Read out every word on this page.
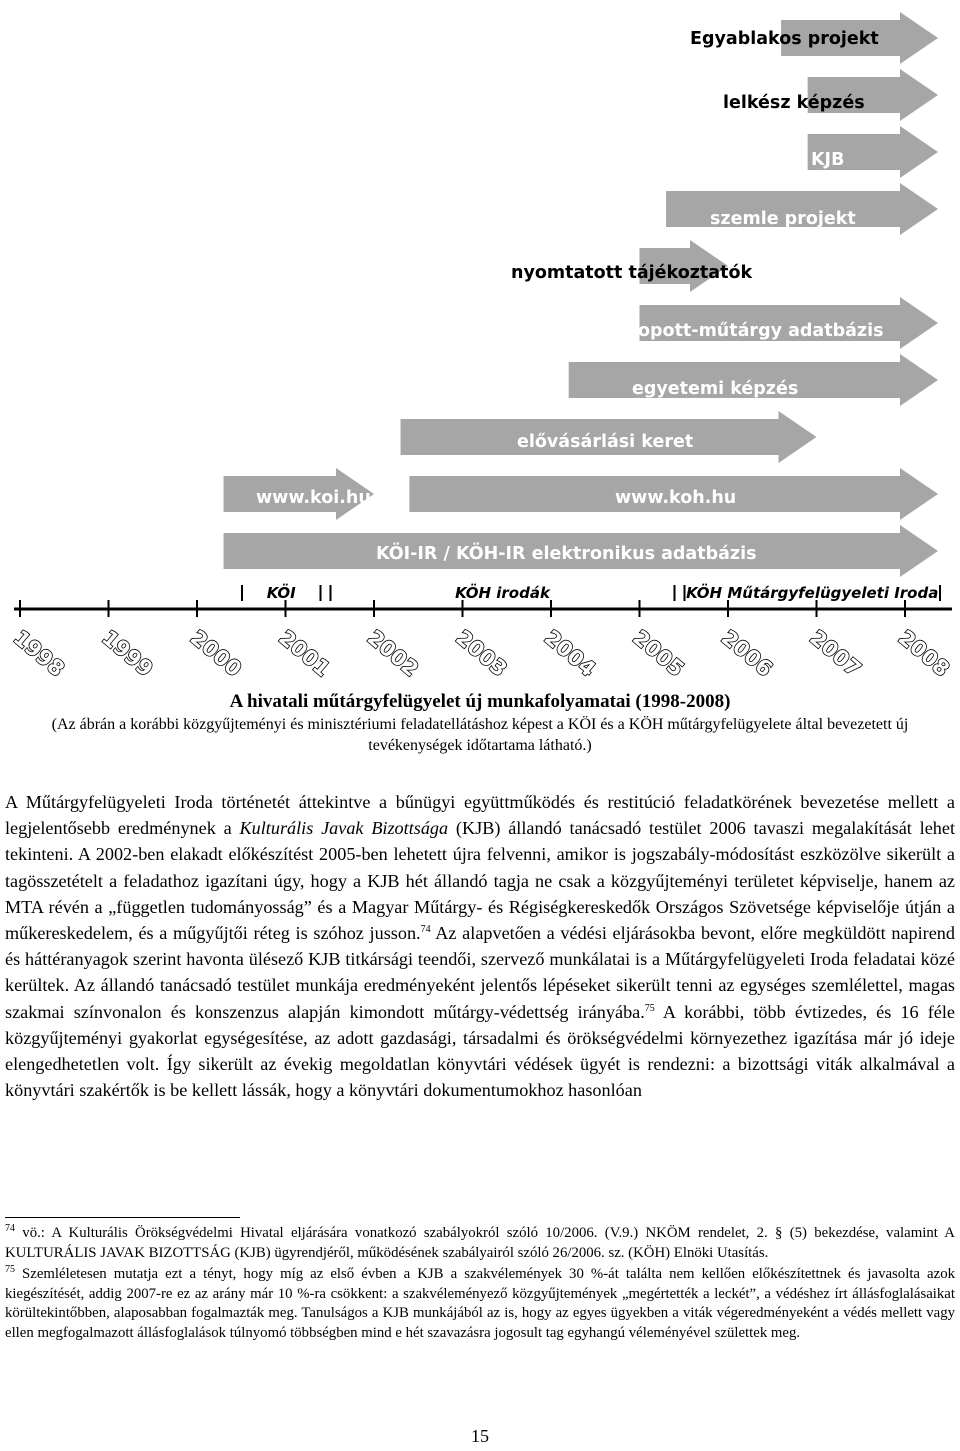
Egyablakos projekt
lelkész képzés
KJB
szemle projekt
nyomtatott tájékoztatók
lopott-műtárgy adatbázis
egyetemi képzés
elővásárlási keret
www.koi.hu	www.koh.hu
KÖI-IR / KÖH-IR elektronikus adatbázis
KÖI	KÖH irodák	KÖH Műtárgyfelügyeleti Iroda
1998 1999 2000 2001 2002 2003 2004 2005 2006 2007 2008
A hivatali műtárgyfelügyelet új munkafolyamatai (1998-2008)
(Az ábrán a korábbi közgyűjteményi és minisztériumi feladatellátáshoz képest a KÖI és a KÖH műtárgyfelügyelete által bevezetett új tevékenységek időtartama látható.)

A Műtárgyfelügyeleti Iroda történetét áttekintve a bűnügyi együttműködés és restitúció feladatkörének bevezetése mellett a legjelentősebb eredménynek a Kulturális Javak Bizottsága (KJB) állandó tanácsadó testület 2006 tavaszi megalakítását lehet tekinteni. A 2002-ben elakadt előkészítést 2005-ben lehetett újra felvenni, amikor is jogszabály-módosítást eszközölve sikerült a tagösszetételt a feladathoz igazítani úgy, hogy a KJB hét állandó tagja ne csak a közgyűjteményi területet képviselje, hanem az MTA révén a „független tudományosság” és a Magyar Műtárgy- és Régiségkereskedők Országos Szövetsége képviselője útján a műkereskedelem, és a műgyűjtői réteg is szóhoz jusson.$^{74}$ Az alapvetően a védési eljárásokba bevont, előre megküldött napirend és háttéranyagok szerint havonta ülésező KJB titkársági teendői, szervező munkálatai is a Műtárgyfelügyeleti Iroda feladatai közé kerültek. Az állandó tanácsadó testület munkája eredményeként jelentős lépéseket sikerült tenni az egységes szemlélettel, magas szakmai színvonalon és konszenzus alapján kimondott műtárgy-védettség irányába.$^{75}$ A korábbi, több évtizedes, és 16 féle közgyűjteményi gyakorlat egységesítése, az adott gazdasági, társadalmi és örökségvédelmi környezethez igazítása már jó ideje elengedhetetlen volt. Így sikerült az évekig megoldatlan könyvtári védések ügyét is rendezni: a bizottsági viták alkalmával a könyvtári szakértők is be kellett lássák, hogy a könyvtári dokumentumokhoz hasonlóan

$^{74}$ vö.: A Kulturális Örökségvédelmi Hivatal eljárására vonatkozó szabályokról szóló 10/2006. (V.9.) NKÖM rendelet, 2. § (5) bekezdése, valamint A KULTURÁLIS JAVAK BIZOTTSÁG (KJB) ügyrendjéről, működésének szabályairól szóló 26/2006. sz. (KÖH) Elnöki Utasítás.

$^{75}$ Szemléletesen mutatja ezt a tényt, hogy míg az első évben a KJB a szakvélemények 30 %-át találta nem kellően előkészítettnek és javasolta azok kiegészítését, addig 2007-re ez az arány már 10 %-ra csökkent: a szakvéleményező közgyűjtemények „megértették a leckét”, a védéshez írt állásfoglalásaikat körültekintőbben, alaposabban fogalmazták meg. Tanulságos a KJB munkájából az is, hogy az egyes ügyekben a viták végeredményeként a védés mellett vagy ellen megfogalmazott állásfoglalások túlnyomó többségben mind e hét szavazásra jogosult tag egyhangú véleményével születtek meg.

15
